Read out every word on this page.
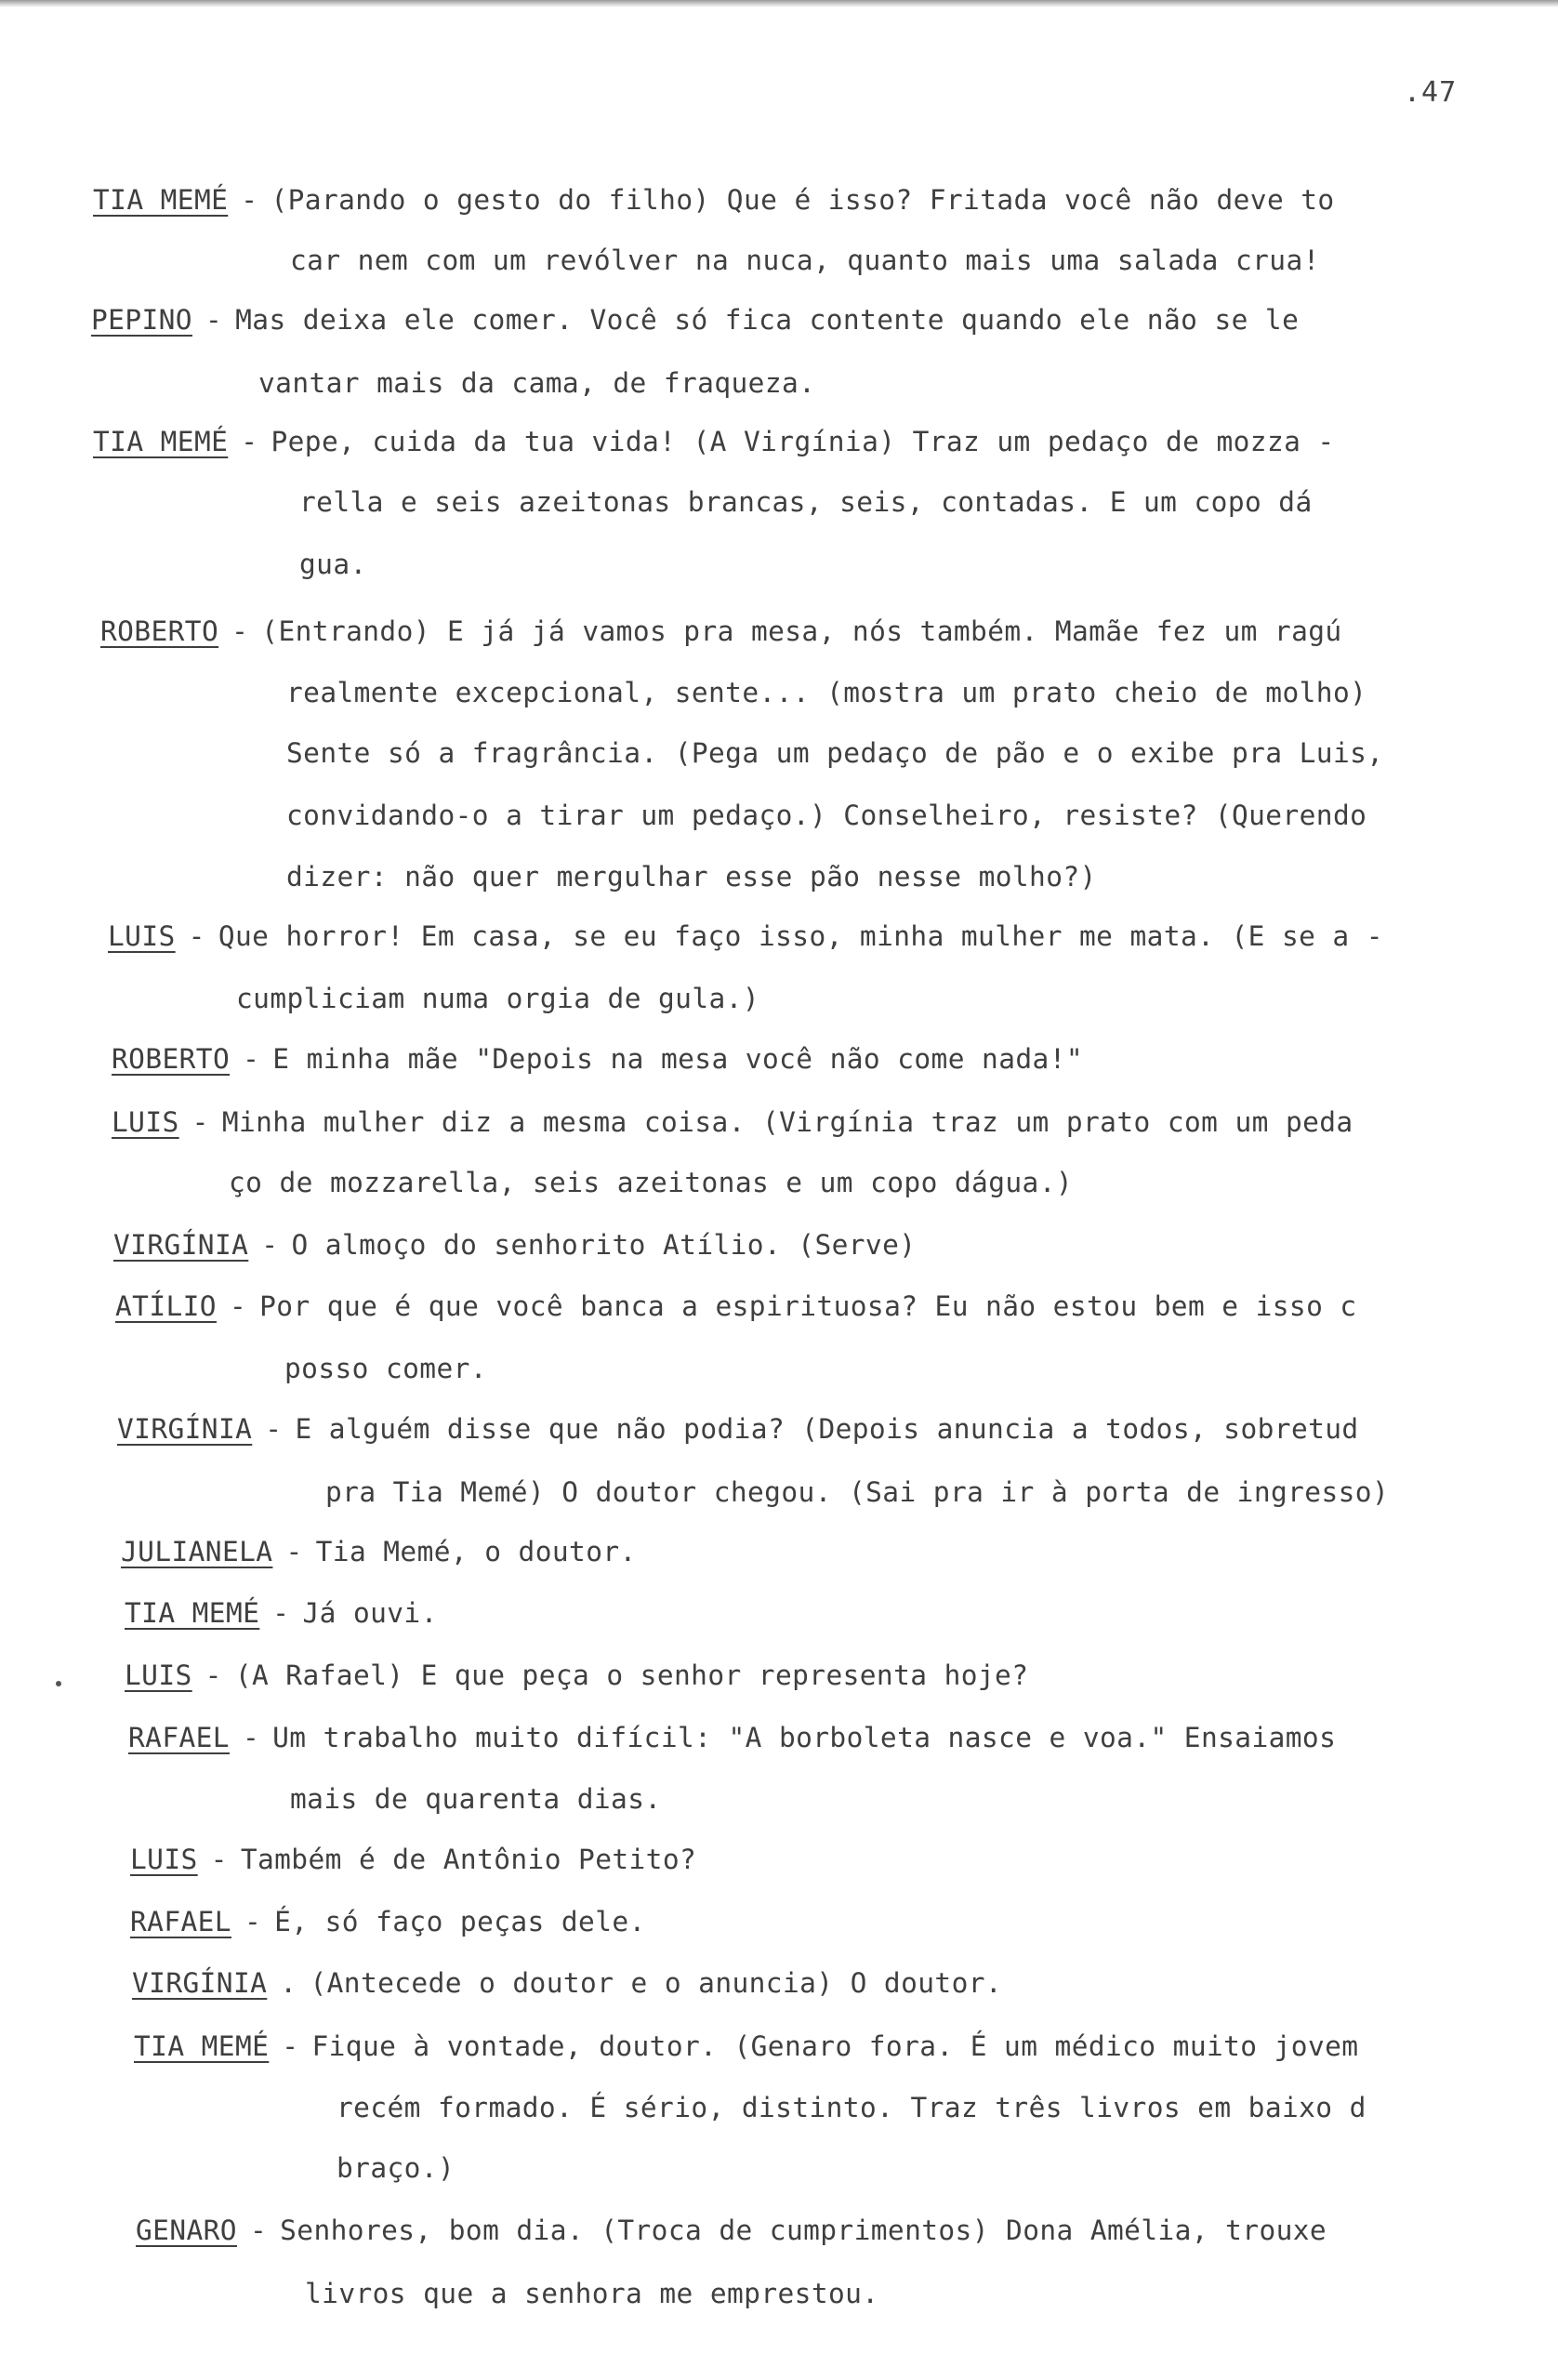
.47
TIA MEMÉ - (Parando o gesto do filho) Que é isso? Fritada você não deve to
car nem com um revólver na nuca, quanto mais uma salada crua!
PEPINO - Mas deixa ele comer. Você só fica contente quando ele não se le
vantar mais da cama, de fraqueza.
TIA MEMÉ - Pepe, cuida da tua vida! (A Virgínia) Traz um pedaço de mozza -
rella e seis azeitonas brancas, seis, contadas. E um copo dá
gua.
ROBERTO - (Entrando) E já já vamos pra mesa, nós também. Mamãe fez um ragú
realmente excepcional, sente... (mostra um prato cheio de molho)
Sente só a fragrância. (Pega um pedaço de pão e o exibe pra Luis,
convidando-o a tirar um pedaço.) Conselheiro, resiste? (Querendo
dizer: não quer mergulhar esse pão nesse molho?)
LUIS - Que horror! Em casa, se eu faço isso, minha mulher me mata. (E se a -
cumpliciam numa orgia de gula.)
ROBERTO - E minha mãe "Depois na mesa você não come nada!"
LUIS - Minha mulher diz a mesma coisa. (Virgínia traz um prato com um peda
ço de mozzarella, seis azeitonas e um copo dágua.)
VIRGÍNIA - O almoço do senhorito Atílio. (Serve)
ATÍLIO - Por que é que você banca a espirituosa? Eu não estou bem e isso c
posso comer.
VIRGÍNIA - E alguém disse que não podia? (Depois anuncia a todos, sobretud
pra Tia Memé) O doutor chegou. (Sai pra ir à porta de ingresso)
JULIANELA - Tia Memé, o doutor.
TIA MEMÉ - Já ouvi.
LUIS - (A Rafael) E que peça o senhor representa hoje?
RAFAEL - Um trabalho muito difícil: "A borboleta nasce e voa." Ensaiamos
mais de quarenta dias.
LUIS - Também é de Antônio Petito?
RAFAEL - É, só faço peças dele.
VIRGÍNIA . (Antecede o doutor e o anuncia) O doutor.
TIA MEMÉ - Fique à vontade, doutor. (Genaro fora. É um médico muito jovem
recém formado. É sério, distinto. Traz três livros em baixo d
braço.)
GENARO - Senhores, bom dia. (Troca de cumprimentos) Dona Amélia, trouxe
livros que a senhora me emprestou.
